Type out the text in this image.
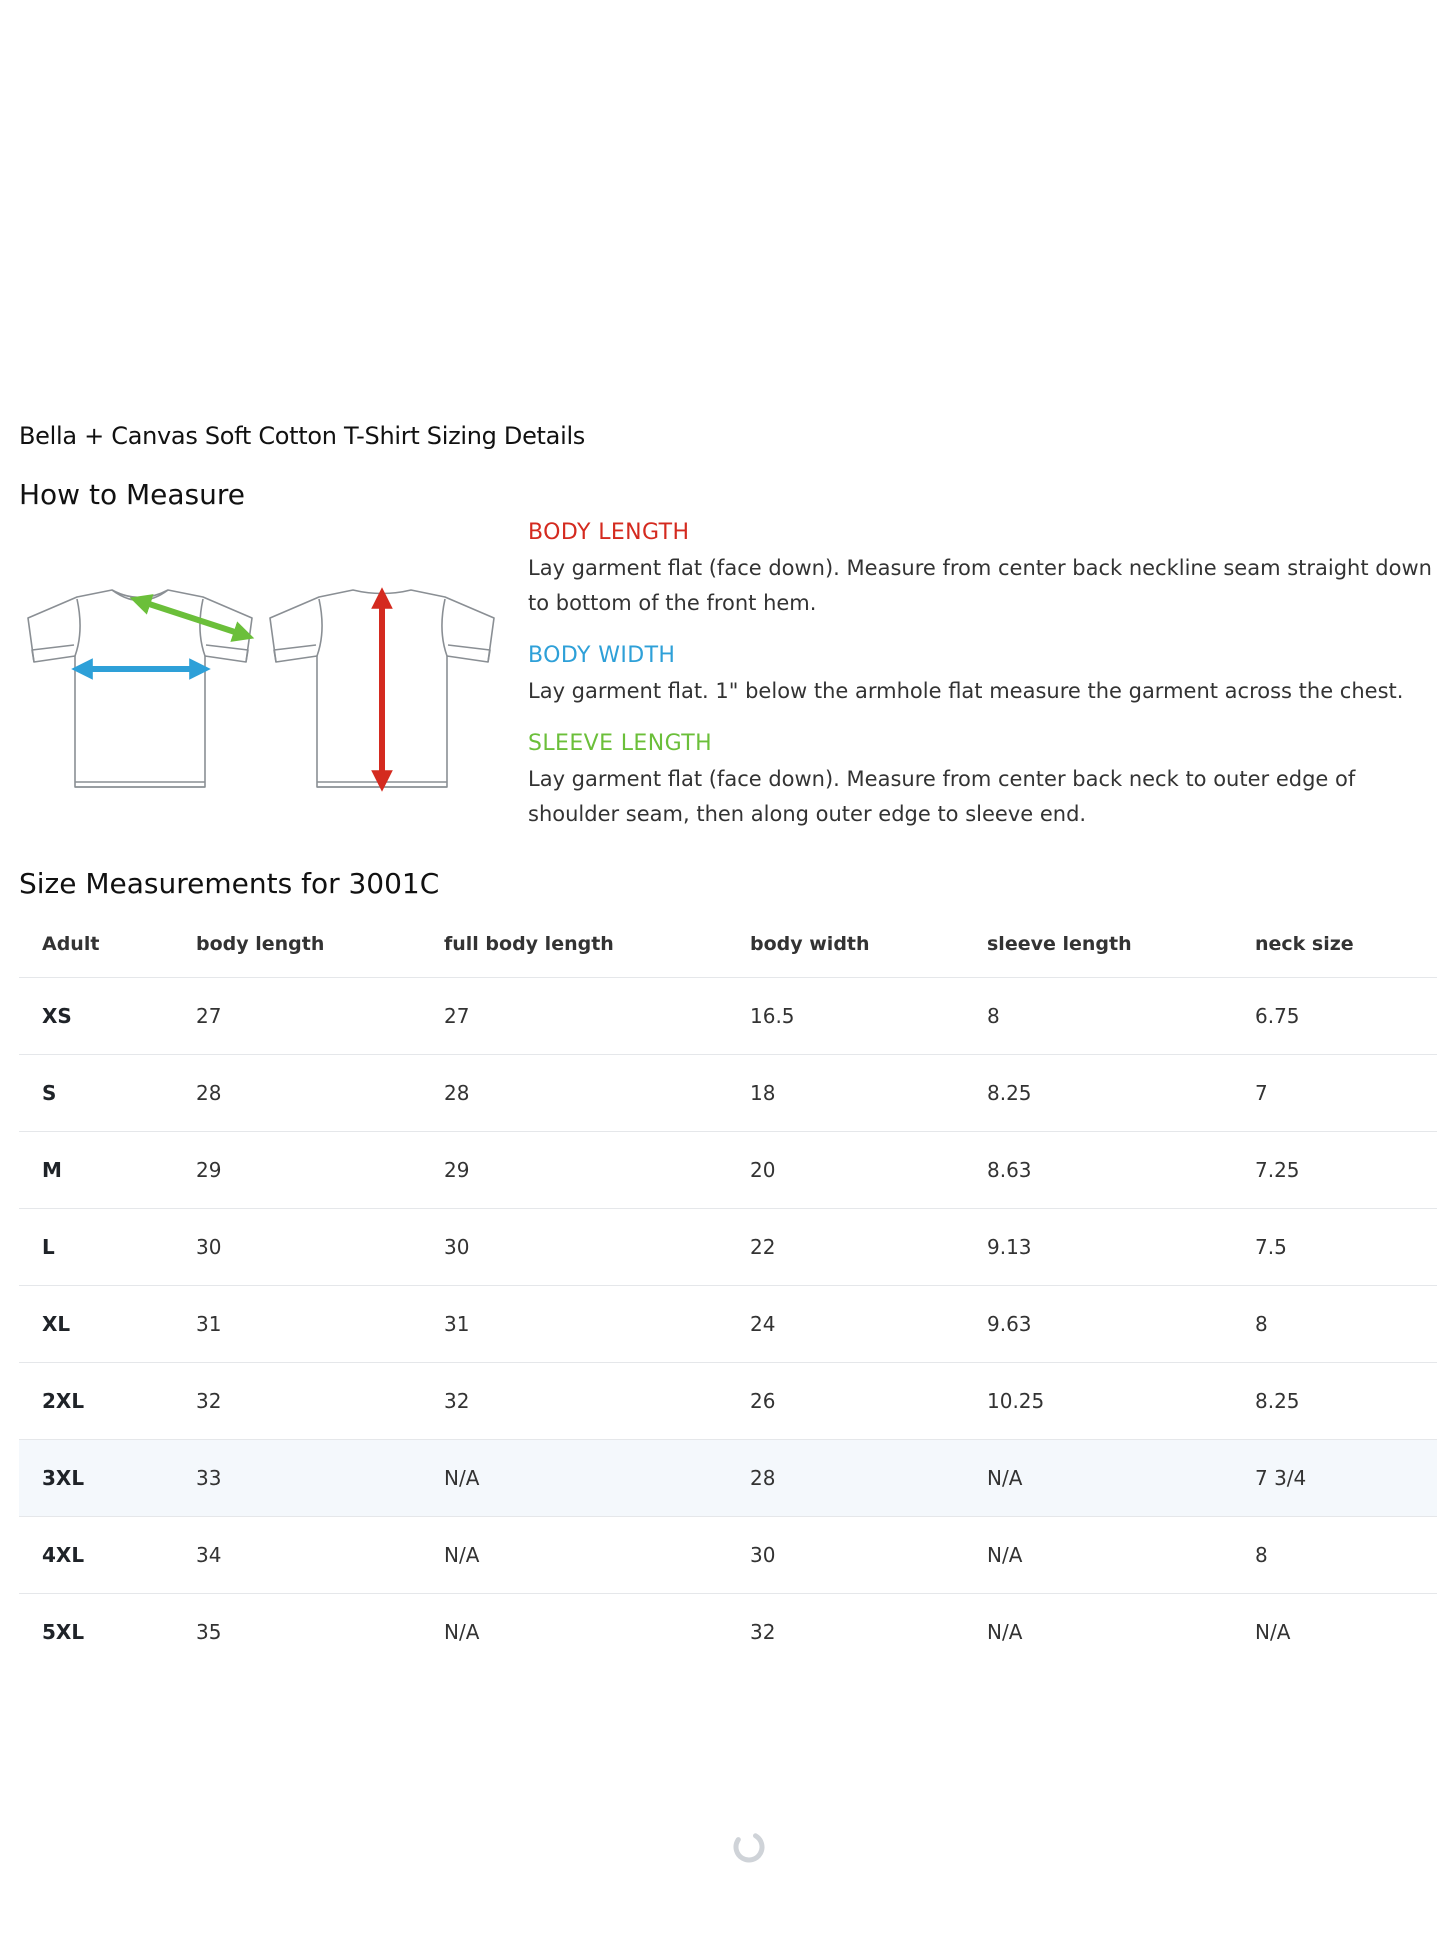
Bella + Canvas Soft Cotton T-Shirt Sizing Details
How to Measure
BODY LENGTH
Lay garment flat (face down). Measure from center back neckline seam straight down to bottom of the front hem.
BODY WIDTH
Lay garment flat. 1" below the armhole flat measure the garment across the chest.
SLEEVE LENGTH
Lay garment flat (face down). Measure from center back neck to outer edge of shoulder seam, then along outer edge to sleeve end.
Size Measurements for 3001C
Adult	body length	full body length	body width	sleeve length	neck size
XS	27	27	16.5	8	6.75
S	28	28	18	8.25	7
M	29	29	20	8.63	7.25
L	30	30	22	9.13	7.5
XL	31	31	24	9.63	8
2XL	32	32	26	10.25	8.25
3XL	33	N/A	28	N/A	7 3/4
4XL	34	N/A	30	N/A	8
5XL	35	N/A	32	N/A	N/A
